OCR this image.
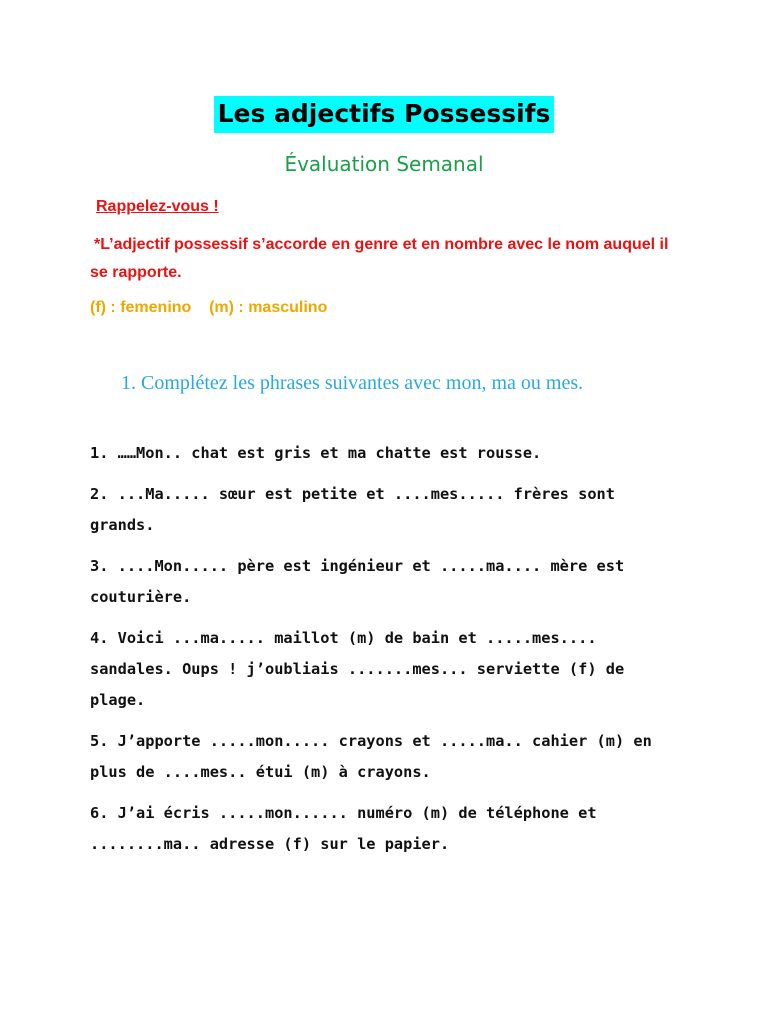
Les adjectifs Possessifs
Évaluation Semanal
Rappelez-vous !
*L’adjectif possessif s’accorde en genre et en nombre avec le nom auquel il se rapporte.
(f) : femenino    (m) : masculino
1. Complétez les phrases suivantes avec mon, ma ou mes.

1. ……Mon.. chat est gris et ma chatte est rousse.

2. ...Ma..... sœur est petite et ....mes..... frères sont grands.

3. ....Mon..... père est ingénieur et .....ma.... mère est couturière.

4. Voici ...ma..... maillot (m) de bain et .....mes.... sandales. Oups ! j’oubliais .......mes... serviette (f) de plage.

5. J’apporte .....mon..... crayons et .....ma.. cahier (m) en plus de ....mes.. étui (m) à crayons.

6. J’ai écris .....mon...... numéro (m) de téléphone et ........ma.. adresse (f) sur le papier.
